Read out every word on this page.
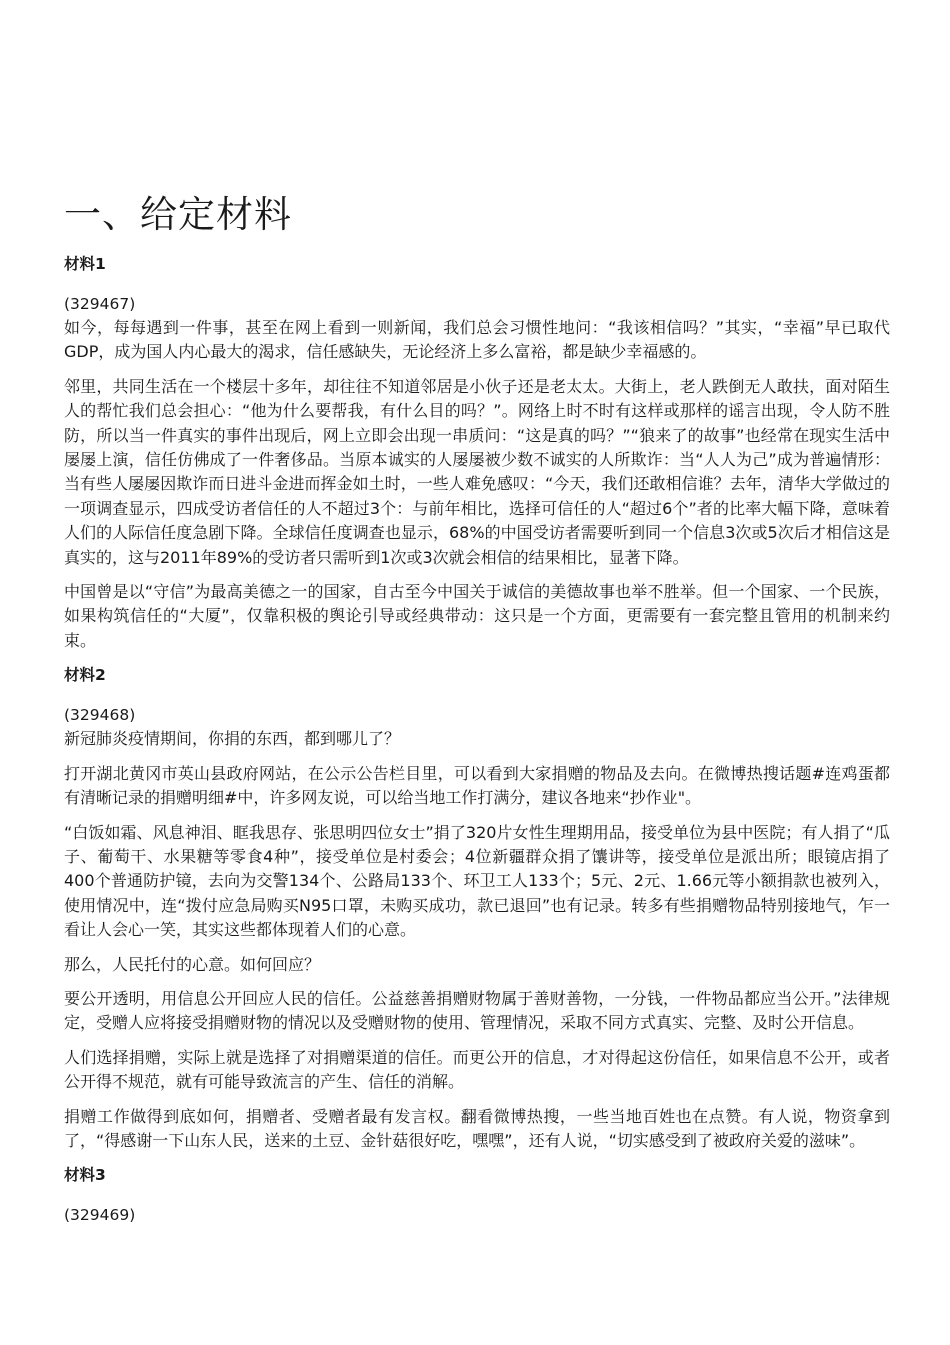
一、给定材料
材料1
(329467)

如今，每每遇到一件事，甚至在网上看到一则新闻，我们总会习惯性地问：“我该相信吗？”其实，“幸福”早已取代GDP，成为国人内心最大的渴求，信任感缺失，无论经济上多么富裕，都是缺少幸福感的。

邻里，共同生活在一个楼层十多年，却往往不知道邻居是小伙子还是老太太。大街上，老人跌倒无人敢扶，面对陌生人的帮忙我们总会担心：“他为什么要帮我，有什么目的吗？”。网络上时不时有这样或那样的谣言出现，令人防不胜防，所以当一件真实的事件出现后，网上立即会出现一串质问：“这是真的吗？”“狼来了的故事”也经常在现实生活中屡屡上演，信任仿佛成了一件奢侈品。当原本诚实的人屡屡被少数不诚实的人所欺诈：当“人人为己”成为普遍情形：当有些人屡屡因欺诈而日进斗金进而挥金如土时，一些人难免感叹：“今天，我们还敢相信谁？去年，清华大学做过的一项调查显示，四成受访者信任的人不超过3个：与前年相比，选择可信任的人“超过6个”者的比率大幅下降，意味着人们的人际信任度急剧下降。全球信任度调查也显示，68%的中国受访者需要听到同一个信息3次或5次后才相信这是真实的，这与2011年89%的受访者只需听到1次或3次就会相信的结果相比，显著下降。

中国曾是以“守信”为最高美德之一的国家，自古至今中国关于诚信的美德故事也举不胜举。但一个国家、一个民族，如果构筑信任的“大厦”，仅靠积极的舆论引导或经典带动：这只是一个方面，更需要有一套完整且管用的机制来约束。

材料2
(329468)

新冠肺炎疫情期间，你捐的东西，都到哪儿了？

打开湖北黄冈市英山县政府网站，在公示公告栏目里，可以看到大家捐赠的物品及去向。在微博热搜话题#连鸡蛋都有清晰记录的捐赠明细#中，许多网友说，可以给当地工作打满分，建议各地来“抄作业"。

“白饭如霜、风息神泪、眶我思存、张思明四位女士”捐了320片女性生理期用品，接受单位为县中医院；有人捐了“瓜子、葡萄干、水果糖等零食4种”，接受单位是村委会；4位新疆群众捐了馕讲等，接受单位是派出所；眼镜店捐了400个普通防护镜，去向为交警134个、公路局133个、环卫工人133个；5元、2元、1.66元等小额捐款也被列入，使用情况中，连“拨付应急局购买N95口罩，未购买成功，款已退回”也有记录。转多有些捐赠物品特别接地气，乍一看让人会心一笑，其实这些都体现着人们的心意。

那么，人民托付的心意。如何回应？

要公开透明，用信息公开回应人民的信任。公益慈善捐赠财物属于善财善物，一分钱，一件物品都应当公开。”法律规定，受赠人应将接受捐赠财物的情况以及受赠财物的使用、管理情况，采取不同方式真实、完整、及时公开信息。

人们选择捐赠，实际上就是选择了对捐赠渠道的信任。而更公开的信息，才对得起这份信任，如果信息不公开，或者公开得不规范，就有可能导致流言的产生、信任的消解。

捐赠工作做得到底如何，捐赠者、受赠者最有发言权。翻看微博热搜，一些当地百姓也在点赞。有人说，物资拿到了，“得感谢一下山东人民，送来的土豆、金针菇很好吃，嘿嘿”，还有人说，“切实感受到了被政府关爱的滋味”。

材料3
(329469)
